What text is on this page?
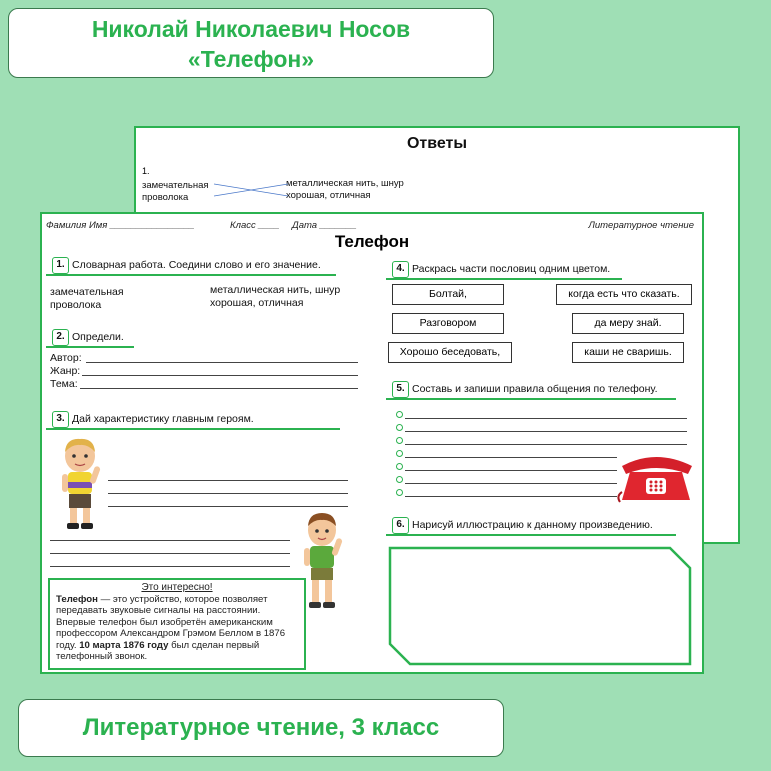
Николай Николаевич Носов
«Телефон»
Ответы
1.
замечательная
проволока
металлическая нить, шнур
хорошая, отличная
Фамилия Имя ________________	Класс ____ Дата _______	Литературное чтение
Телефон
1. Словарная работа. Соедини слово и его значение.
замечательная
проволока
металлическая нить, шнур
хорошая, отличная
2. Определи.
Автор:
Жанр:
Тема:
3. Дай характеристику главным героям.
Это интересно!
Телефон — это устройство, которое позволяет передавать звуковые сигналы на расстоянии. Впервые телефон был изобретён американским профессором Александром Грэмом Беллом в 1876 году. 10 марта 1876 году был сделан первый телефонный звонок.
4. Раскрась части пословиц одним цветом.
Болтай,
Разговором
Хорошо беседовать,
когда есть что сказать.
да меру знай.
каши не сваришь.
5. Составь и запиши правила общения по телефону.
6. Нарисуй иллюстрацию к данному произведению.
Литературное чтение, 3 класс
